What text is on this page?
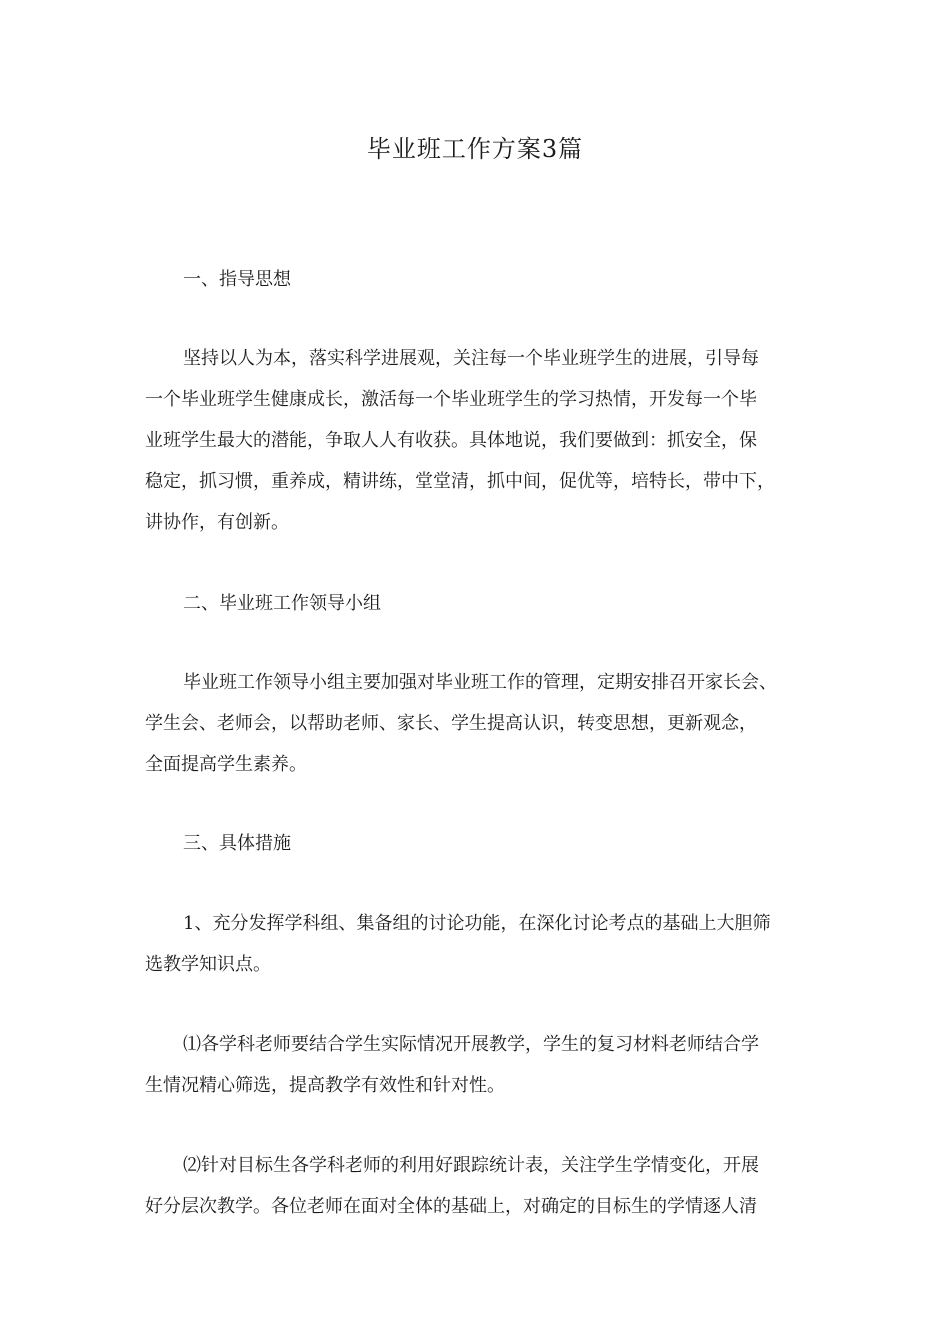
毕业班工作方案3篇

一、指导思想

坚持以人为本，落实科学进展观，关注每一个毕业班学生的进展，引导每
一个毕业班学生健康成长，激活每一个毕业班学生的学习热情，开发每一个毕
业班学生最大的潜能，争取人人有收获。具体地说，我们要做到：抓安全，保
稳定，抓习惯，重养成，精讲练，堂堂清，抓中间，促优等，培特长，带中下，
讲协作，有创新。

二、毕业班工作领导小组

毕业班工作领导小组主要加强对毕业班工作的管理，定期安排召开家长会、
学生会、老师会，以帮助老师、家长、学生提高认识，转变思想，更新观念，
全面提高学生素养。

三、具体措施

1、充分发挥学科组、集备组的讨论功能，在深化讨论考点的基础上大胆筛
选教学知识点。
⑴各学科老师要结合学生实际情况开展教学，学生的复习材料老师结合学
生情况精心筛选，提高教学有效性和针对性。
⑵针对目标生各学科老师的利用好跟踪统计表，关注学生学情变化，开展
好分层次教学。各位老师在面对全体的基础上，对确定的目标生的学情逐人清
